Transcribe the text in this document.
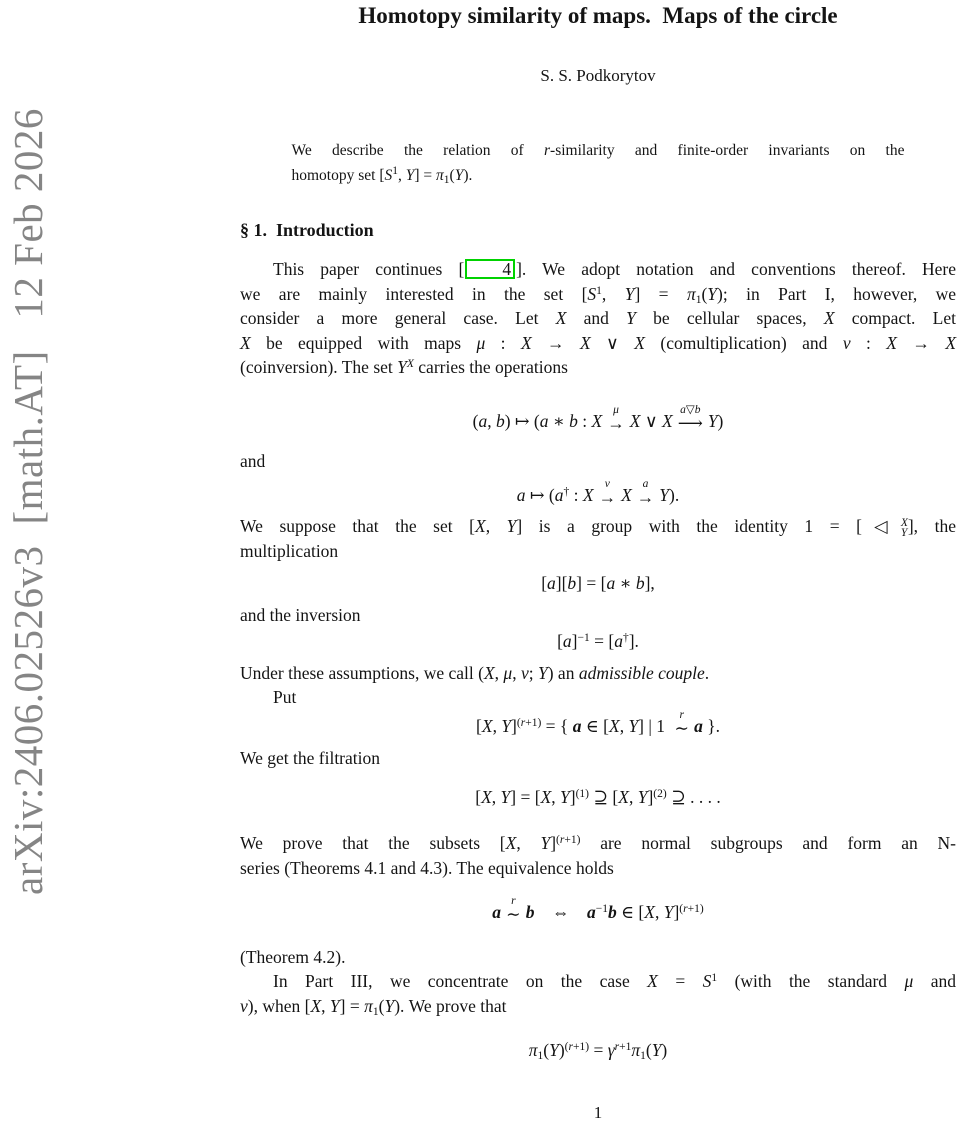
arXiv:2406.02526v3 [math.AT]  12 Feb 2026
Homotopy similarity of maps. Maps of the circle
S. S. Podkorytov
We describe the relation of r-similarity and finite-order invariants on the
homotopy set [$S^1$, Y] = π1(Y).
§ 1. Introduction
This paper continues [ 4 ]. We adopt notation and conventions thereof. Here
we are mainly interested in the set [$S^1$, Y] = π1(Y); in Part I, however, we
consider a more general case. Let X and Y be cellular spaces, X compact. Let
X be equipped with maps μ : X → X ∨ X (comultiplication) and ν : X → X
(coinversion). The set $Y^X$ carries the operations
(a, b) ↦ (a ∗ b : X
μ
→ X ∨ X
a▽b
⟶ Y)
and
a ↦ (a† : X
ν
→ X
a
→ Y).
We suppose that the set [X, Y] is a group with the identity 1 = [◁ X
Y ], the
multiplication
[a][b] = [a ∗ b],
and the inversion
$[a]^{-1} = [a^\dagger]$.
Under these assumptions, we call (X, μ, ν; Y) an admissible couple.
Put
[X, Y]$^{(r+1)}$ = { a ∈ [X, Y] | 1
r
∼ a }.
We get the filtration
[X, Y] = [X, Y]$^{(1)}$ ⊇ [X, Y]$^{(2)}$ ⊇ . . . .
We prove that the subsets [X, Y]$^{(r+1)}$ are normal subgroups and form an N-
series (Theorems 4.1 and 4.3). The equivalence holds
a
r
∼ b ⇔ $a^{-1}b$ ∈ [X, Y]$^{(r+1)}$
(Theorem 4.2).
In Part III, we concentrate on the case $X = S^1$ (with the standard μ and
ν), when [X, Y] = π1(Y). We prove that
$\pi 1(Y)^{(r+1)} = \gamma^{r+1}\pi 1(Y)$
1
